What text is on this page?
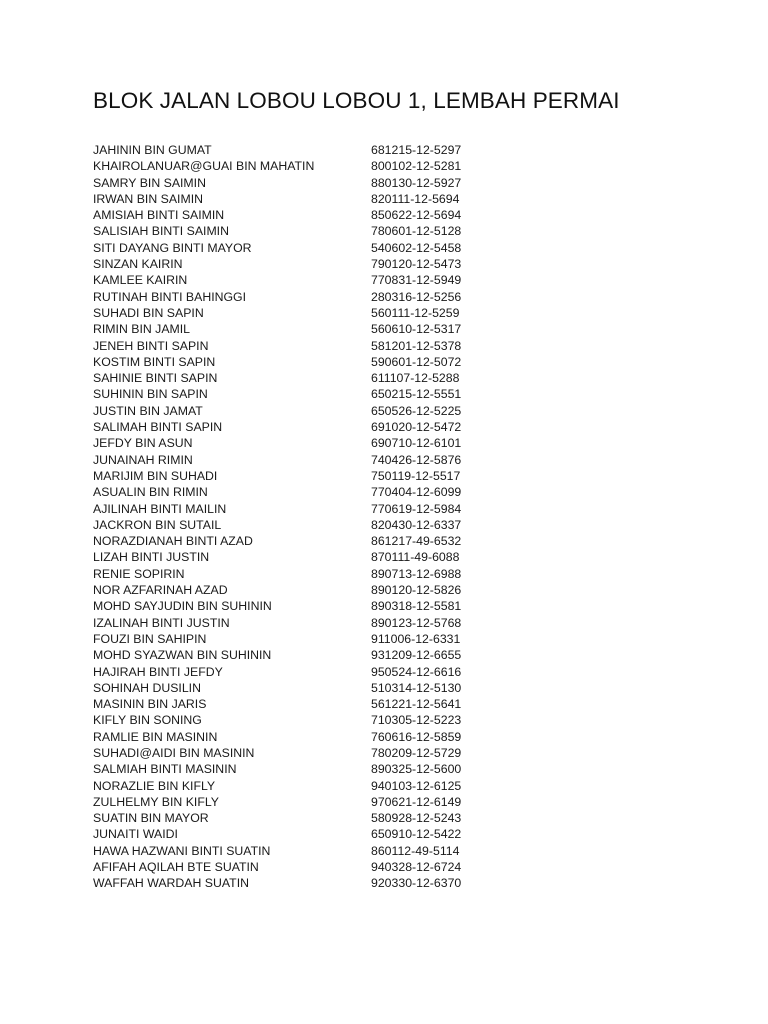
BLOK JALAN LOBOU LOBOU 1, LEMBAH PERMAI
JAHININ BIN GUMAT	681215-12-5297
KHAIROLANUAR@GUAI BIN MAHATIN	800102-12-5281
SAMRY BIN SAIMIN	880130-12-5927
IRWAN BIN SAIMIN	820111-12-5694
AMISIAH BINTI SAIMIN	850622-12-5694
SALISIAH BINTI SAIMIN	780601-12-5128
SITI DAYANG BINTI MAYOR	540602-12-5458
SINZAN KAIRIN	790120-12-5473
KAMLEE KAIRIN	770831-12-5949
RUTINAH BINTI BAHINGGI	280316-12-5256
SUHADI BIN SAPIN	560111-12-5259
RIMIN BIN JAMIL	560610-12-5317
JENEH BINTI SAPIN	581201-12-5378
KOSTIM BINTI SAPIN	590601-12-5072
SAHINIE BINTI SAPIN	611107-12-5288
SUHININ BIN SAPIN	650215-12-5551
JUSTIN BIN JAMAT	650526-12-5225
SALIMAH BINTI SAPIN	691020-12-5472
JEFDY BIN ASUN	690710-12-6101
JUNAINAH RIMIN	740426-12-5876
MARIJIM BIN SUHADI	750119-12-5517
ASUALIN BIN RIMIN	770404-12-6099
AJILINAH BINTI MAILIN	770619-12-5984
JACKRON BIN SUTAIL	820430-12-6337
NORAZDIANAH BINTI AZAD	861217-49-6532
LIZAH BINTI JUSTIN	870111-49-6088
RENIE SOPIRIN	890713-12-6988
NOR AZFARINAH AZAD	890120-12-5826
MOHD SAYJUDIN BIN SUHININ	890318-12-5581
IZALINAH BINTI JUSTIN	890123-12-5768
FOUZI BIN SAHIPIN	911006-12-6331
MOHD SYAZWAN BIN SUHININ	931209-12-6655
HAJIRAH BINTI JEFDY	950524-12-6616
SOHINAH DUSILIN	510314-12-5130
MASININ BIN JARIS	561221-12-5641
KIFLY BIN SONING	710305-12-5223
RAMLIE BIN MASININ	760616-12-5859
SUHADI@AIDI BIN MASININ	780209-12-5729
SALMIAH BINTI MASININ	890325-12-5600
NORAZLIE BIN KIFLY	940103-12-6125
ZULHELMY BIN KIFLY	970621-12-6149
SUATIN BIN MAYOR	580928-12-5243
JUNAITI WAIDI	650910-12-5422
HAWA HAZWANI BINTI SUATIN	860112-49-5114
AFIFAH AQILAH BTE SUATIN	940328-12-6724
WAFFAH WARDAH SUATIN	920330-12-6370
